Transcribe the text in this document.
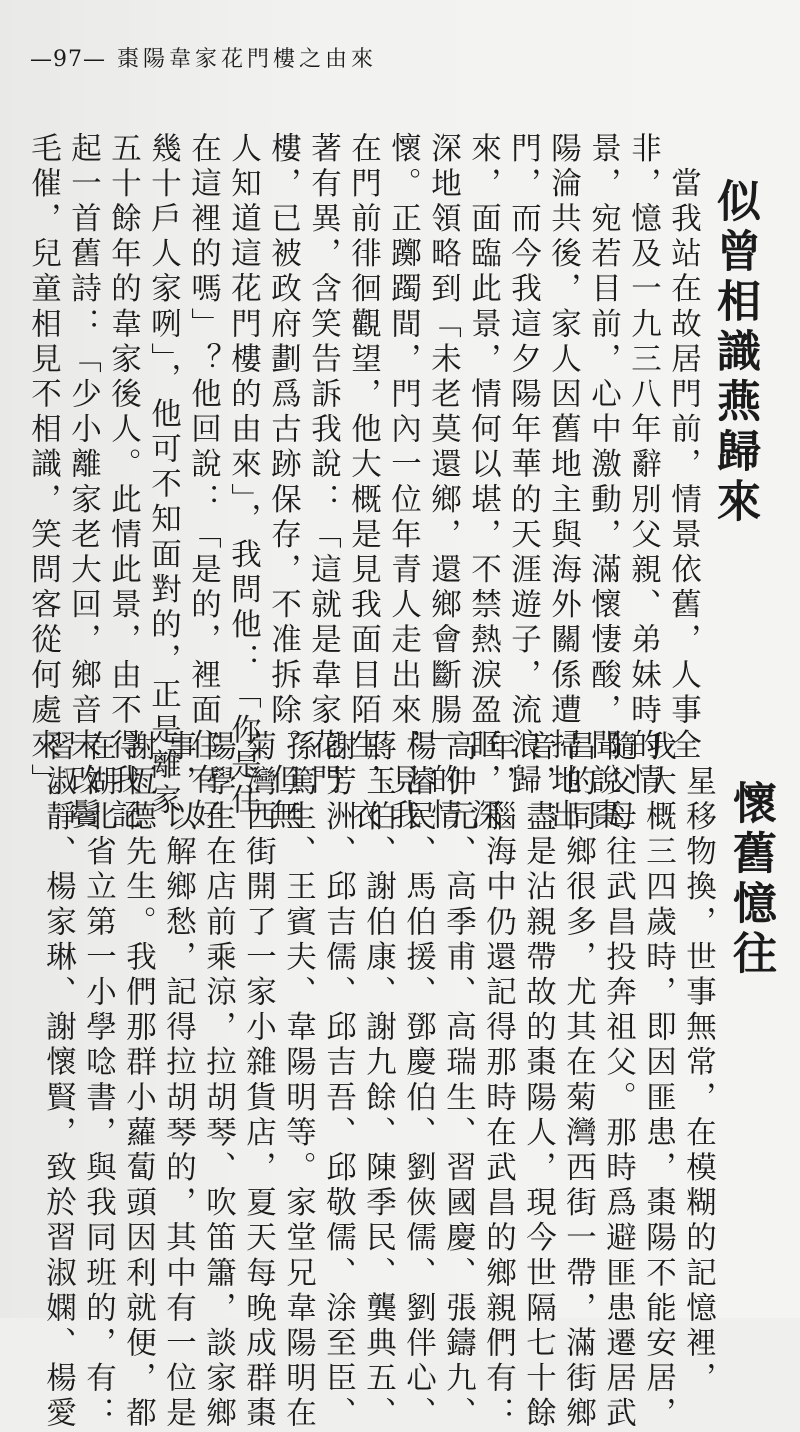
—97— 棗陽韋家花門樓之由來
似曾相識燕歸來
　當我站在故居門前，情景依舊，人事全
非，憶及一九三八年辭別父親、弟妹時的情
景，宛若目前，心中激動，滿懷悽酸，聞說棗
陽淪共後，家人因舊地主與海外關係遭掃地出
門，而今我這夕陽年華的天涯遊子，流浪歸
來，面臨此景，情何以堪，不禁熱淚盈眶，深
深地領略到「未老莫還鄉，還鄉會斷腸」的情
懷。正躑躅間，門內一位年青人走出來，見我
在門前徘徊觀望，他大概是見我面目陌生，衣
著有異，含笑告訴我說：「這就是韋家花門
樓，已被政府劃爲古跡保存，不准拆除。但無
人知道這花門樓的由來」，我問他：「你是住
在這裡的嗎」？他回說：「是的，裡面住有好
幾十戶人家咧」，他可不知面對的，正是離家
五十餘年的韋家後人。此情此景，由不得我記
起一首舊詩：「少小離家老大回，鄉音未改鬢
毛催，兒童相見不相識，笑問客從何處來」。
懷舊憶往
　星移物換，世事無常，在模糊的記憶裡，
我大概三四歲時，即因匪患，棗陽不能安居，
隨父母往武昌投奔祖父。那時爲避匪患遷居武
昌的同鄉很多，尤其在菊灣西街一帶，滿街鄉
音，盡是沾親帶故的棗陽人，現今世隔七十餘
年，腦海中仍還記得那時在武昌的鄉親們有：
高仲元、高季甫、高瑞生、習國慶、張鑄九、
楊濬民、馬伯援、鄧慶伯、劉俠儒、劉伴心、
蔣玉伯、謝伯康、謝九餘、陳季民、龔典五、
謝芳洲、邱吉儒、邱吉吾、邱敬儒、涂至臣、
孫篤生、王賓夫、韋陽明等。家堂兄韋陽明在
菊灣西街開了一家小雜貨店，夏天每晚成群棗
陽學生在店前乘涼，拉胡琴、吹笛簫，談家鄉
事，以解鄉愁，記得拉胡琴的，其中有一位是
謝恆德先生。我們那群小蘿蔔頭因利就便，都
在湖北省立第一小學唸書，與我同班的，有：
習淑靜、楊家琳、謝懷賢，致於習淑嫻、楊愛
